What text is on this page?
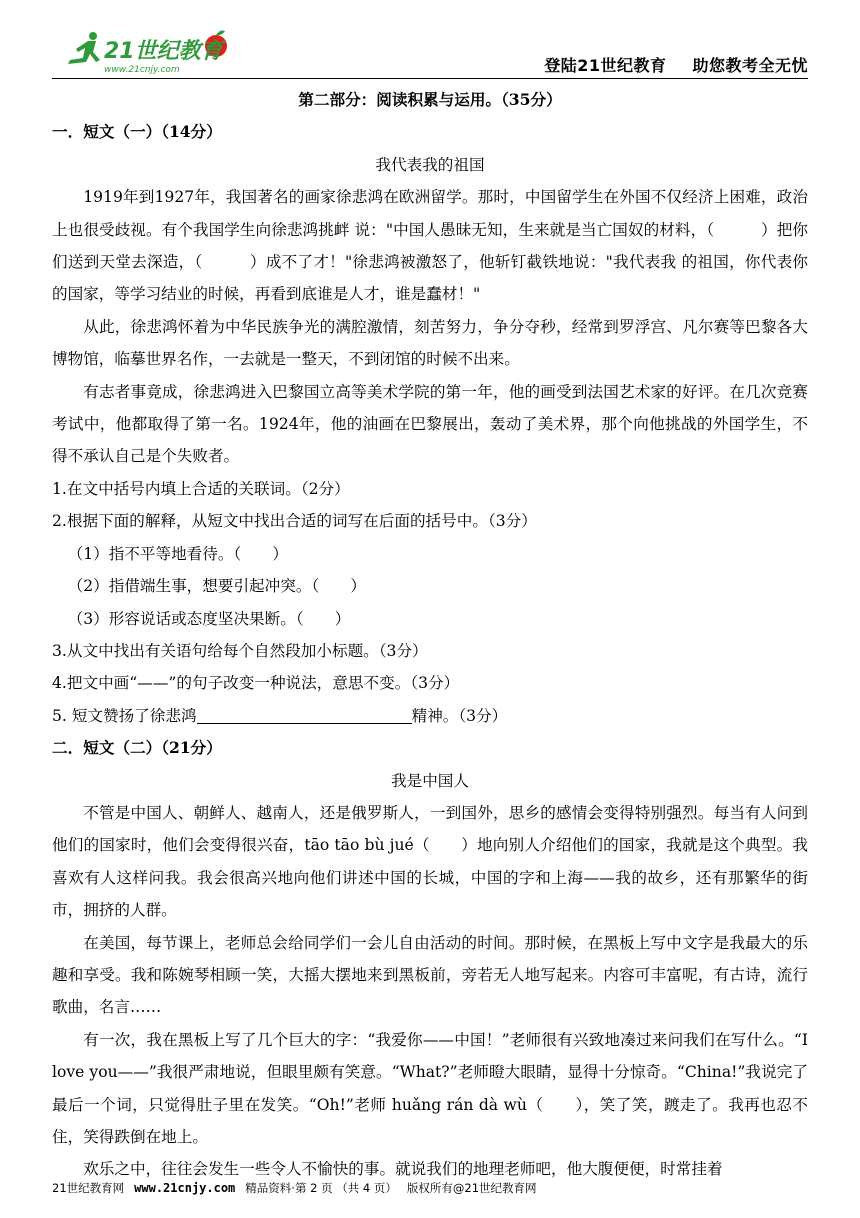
21世纪教育
www.21cnjy.com	登陆21世纪教育 助您教考全无忧

第二部分：阅读积累与运用。（35分）

一．短文（一）（14分）

我代表我的祖国

1919年到1927年，我国著名的画家徐悲鸿在欧洲留学。那时，中国留学生在外国不仅经济上困难，政治上也很受歧视。有个我国学生向徐悲鸿挑衅 说："中国人愚昧无知，生来就是当亡国奴的材料，（　　　）把你们送到天堂去深造，（　　　）成不了才！"徐悲鸿被激怒了，他斩钉截铁地说："我代表我 的祖国，你代表你的国家，等学习结业的时候，再看到底谁是人才，谁是蠢材！"

从此，徐悲鸿怀着为中华民族争光的满腔激情，刻苦努力，争分夺秒，经常到罗浮宫、凡尔赛等巴黎各大博物馆，临摹世界名作，一去就是一整天，不到闭馆的时候不出来。

有志者事竟成，徐悲鸿进入巴黎国立高等美术学院的第一年，他的画受到法国艺术家的好评。在几次竞赛考试中，他都取得了第一名。1924年，他的油画在巴黎展出，轰动了美术界，那个向他挑战的外国学生，不得不承认自己是个失败者。

1.在文中括号内填上合适的关联词。（2分）

2.根据下面的解释，从短文中找出合适的词写在后面的括号中。（3分）

（1）指不平等地看待。（　　）

（2）指借端生事，想要引起冲突。（　　）

（3）形容说话或态度坚决果断。（　　）

3.从文中找出有关语句给每个自然段加小标题。（3分）

4.把文中画“——”的句子改变一种说法，意思不变。（3分）

5. 短文赞扬了徐悲鸿	精神。（3分）

二．短文（二）（21分）

我是中国人

不管是中国人、朝鲜人、越南人，还是俄罗斯人，一到国外，思乡的感情会变得特别强烈。每当有人问到他们的国家时，他们会变得很兴奋，tāo tāo bù jué（　　）地向别人介绍他们的国家，我就是这个典型。我喜欢有人这样问我。我会很高兴地向他们讲述中国的长城，中国的字和上海——我的故乡，还有那繁华的街市，拥挤的人群。

在美国，每节课上，老师总会给同学们一会儿自由活动的时间。那时候，在黑板上写中文字是我最大的乐趣和享受。我和陈婉琴相顾一笑，大摇大摆地来到黑板前，旁若无人地写起来。内容可丰富呢，有古诗，流行歌曲，名言……

有一次，我在黑板上写了几个巨大的字：“我爱你——中国！”老师很有兴致地凑过来问我们在写什么。“I love you——”我很严肃地说，但眼里颇有笑意。“What?”老师瞪大眼睛，显得十分惊奇。“China!”我说完了最后一个词，只觉得肚子里在发笑。“Oh!”老师 huǎng rán dà wù（　　），笑了笑，踱走了。我再也忍不住，笑得跌倒在地上。

欢乐之中，往往会发生一些令人不愉快的事。就说我们的地理老师吧，他大腹便便，时常挂着

21世纪教育网 www.21cnjy.com 精品资料·第 2 页 （共 4 页） 版权所有@21世纪教育网
